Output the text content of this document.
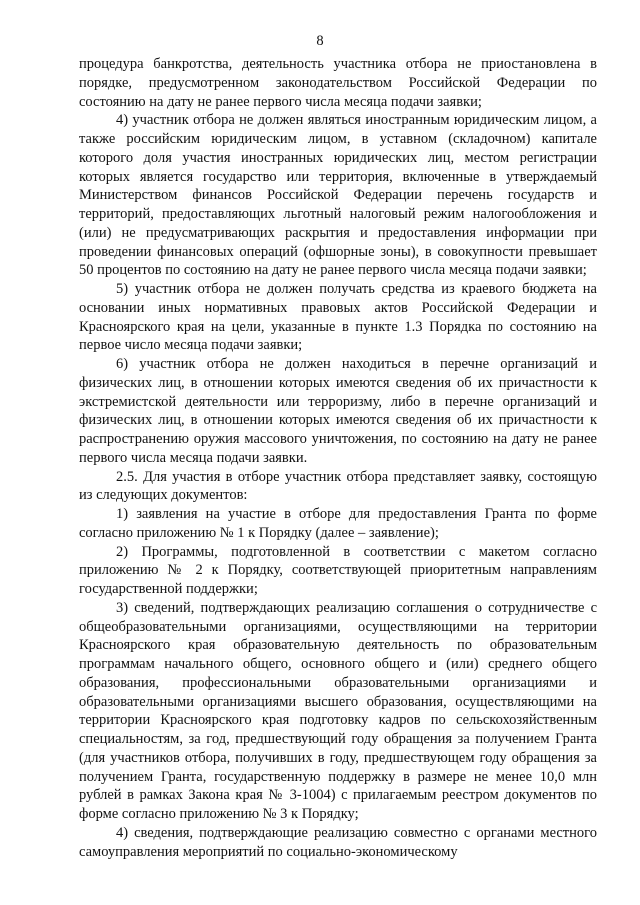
8

процедура банкротства, деятельность участника отбора не приостановлена в порядке, предусмотренном законодательством Российской Федерации по состоянию на дату не ранее первого числа месяца подачи заявки;

4) участник отбора не должен являться иностранным юридическим лицом, а также российским юридическим лицом, в уставном (складочном) капитале которого доля участия иностранных юридических лиц, местом регистрации которых является государство или территория, включенные в утверждаемый Министерством финансов Российской Федерации перечень государств и территорий, предоставляющих льготный налоговый режим налогообложения и (или) не предусматривающих раскрытия и предоставления информации при проведении финансовых операций (офшорные зоны), в совокупности превышает 50 процентов по состоянию на дату не ранее первого числа месяца подачи заявки;

5) участник отбора не должен получать средства из краевого бюджета на основании иных нормативных правовых актов Российской Федерации и Красноярского края на цели, указанные в пункте 1.3 Порядка по состоянию на первое число месяца подачи заявки;

6) участник отбора не должен находиться в перечне организаций и физических лиц, в отношении которых имеются сведения об их причастности к экстремистской деятельности или терроризму, либо в перечне организаций и физических лиц, в отношении которых имеются сведения об их причастности к распространению оружия массового уничтожения, по состоянию на дату не ранее первого числа месяца подачи заявки.

2.5. Для участия в отборе участник отбора представляет заявку, состоящую из следующих документов:

1) заявления на участие в отборе для предоставления Гранта по форме согласно приложению № 1 к Порядку (далее – заявление);

2) Программы, подготовленной в соответствии с макетом согласно приложению № 2 к Порядку, соответствующей приоритетным направлениям государственной поддержки;

3) сведений, подтверждающих реализацию соглашения о сотрудничестве с общеобразовательными организациями, осуществляющими на территории Красноярского края образовательную деятельность по образовательным программам начального общего, основного общего и (или) среднего общего образования, профессиональными образовательными организациями и образовательными организациями высшего образования, осуществляющими на территории Красноярского края подготовку кадров по сельскохозяйственным специальностям, за год, предшествующий году обращения за получением Гранта (для участников отбора, получивших в году, предшествующем году обращения за получением Гранта, государственную поддержку в размере не менее 10,0 млн рублей в рамках Закона края № 3-1004) с прилагаемым реестром документов по форме согласно приложению № 3 к Порядку;

4) сведения, подтверждающие реализацию совместно с органами местного самоуправления мероприятий по социально-экономическому
